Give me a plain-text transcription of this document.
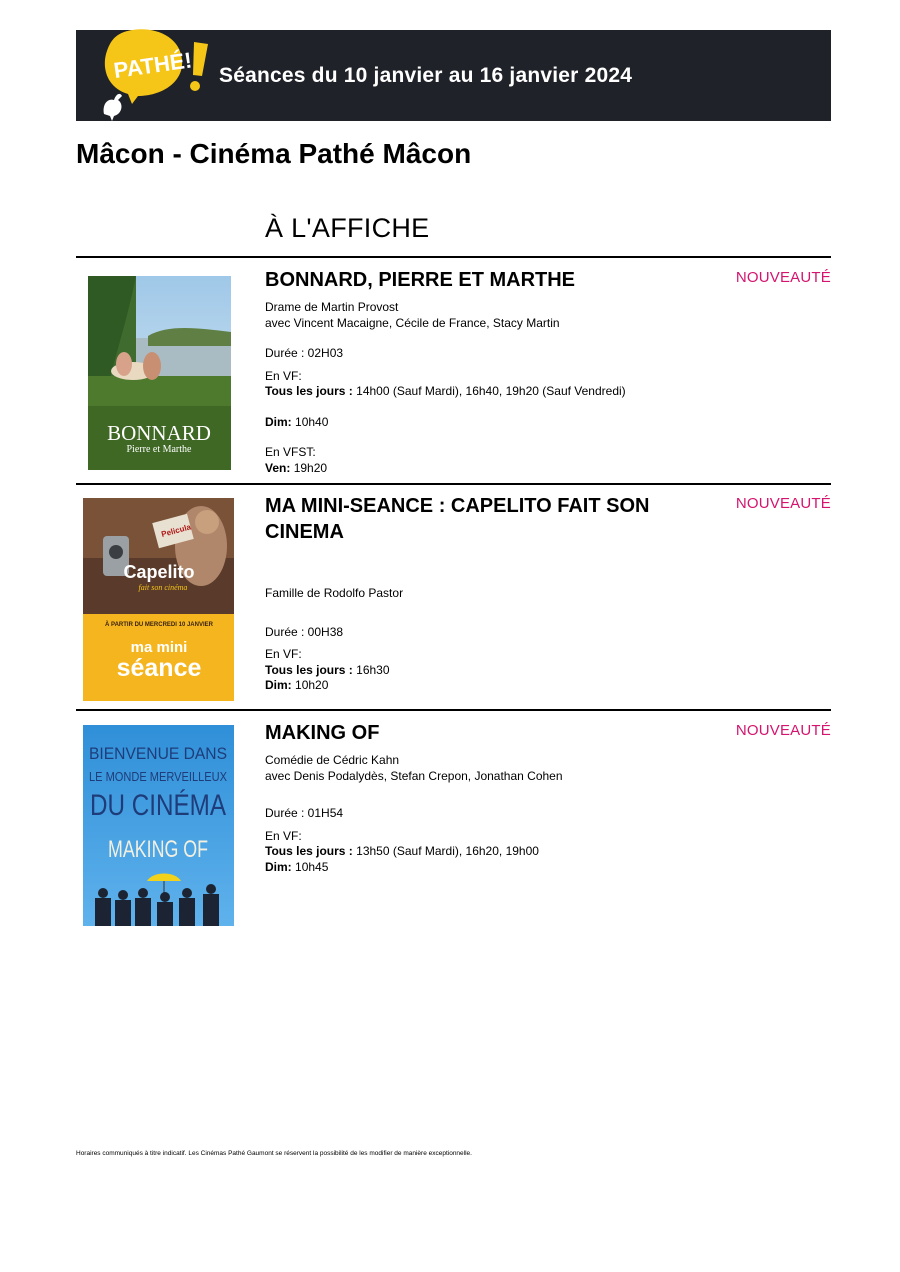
PATHÉ! Séances du 10 janvier au 16 janvier 2024
Mâcon - Cinéma Pathé Mâcon
À L'AFFICHE
BONNARD
Pierre et Marthe
BONNARD, PIERRE ET MARTHE	NOUVEAUTÉ
Drame de Martin Provost
avec Vincent Macaigne, Cécile de France, Stacy Martin
Durée : 02H03
En VF:
Tous les jours : 14h00 (Sauf Mardi), 16h40, 19h20 (Sauf Vendredi)
Dim: 10h40
En VFST:
Ven: 19h20
Pelicula
Capelito
fait son cinéma
À PARTIR DU MERCREDI 10 JANVIER
ma mini
séance
MA MINI-SEANCE : CAPELITO FAIT SON CINEMA
NOUVEAUTÉ
Famille de Rodolfo Pastor
Durée : 00H38
En VF:
Tous les jours : 16h30
Dim: 10h20
BIENVENUE DANS
LE MONDE MERVEILLEUX
DU CINÉMA
MAKING OF
MAKING OF	NOUVEAUTÉ
Comédie de Cédric Kahn
avec Denis Podalydès, Stefan Crepon, Jonathan Cohen
Durée : 01H54
En VF:
Tous les jours : 13h50 (Sauf Mardi), 16h20, 19h00
Dim: 10h45
Horaires communiqués à titre indicatif. Les Cinémas Pathé Gaumont se réservent la possibilité de les modifier de manière exceptionnelle.
